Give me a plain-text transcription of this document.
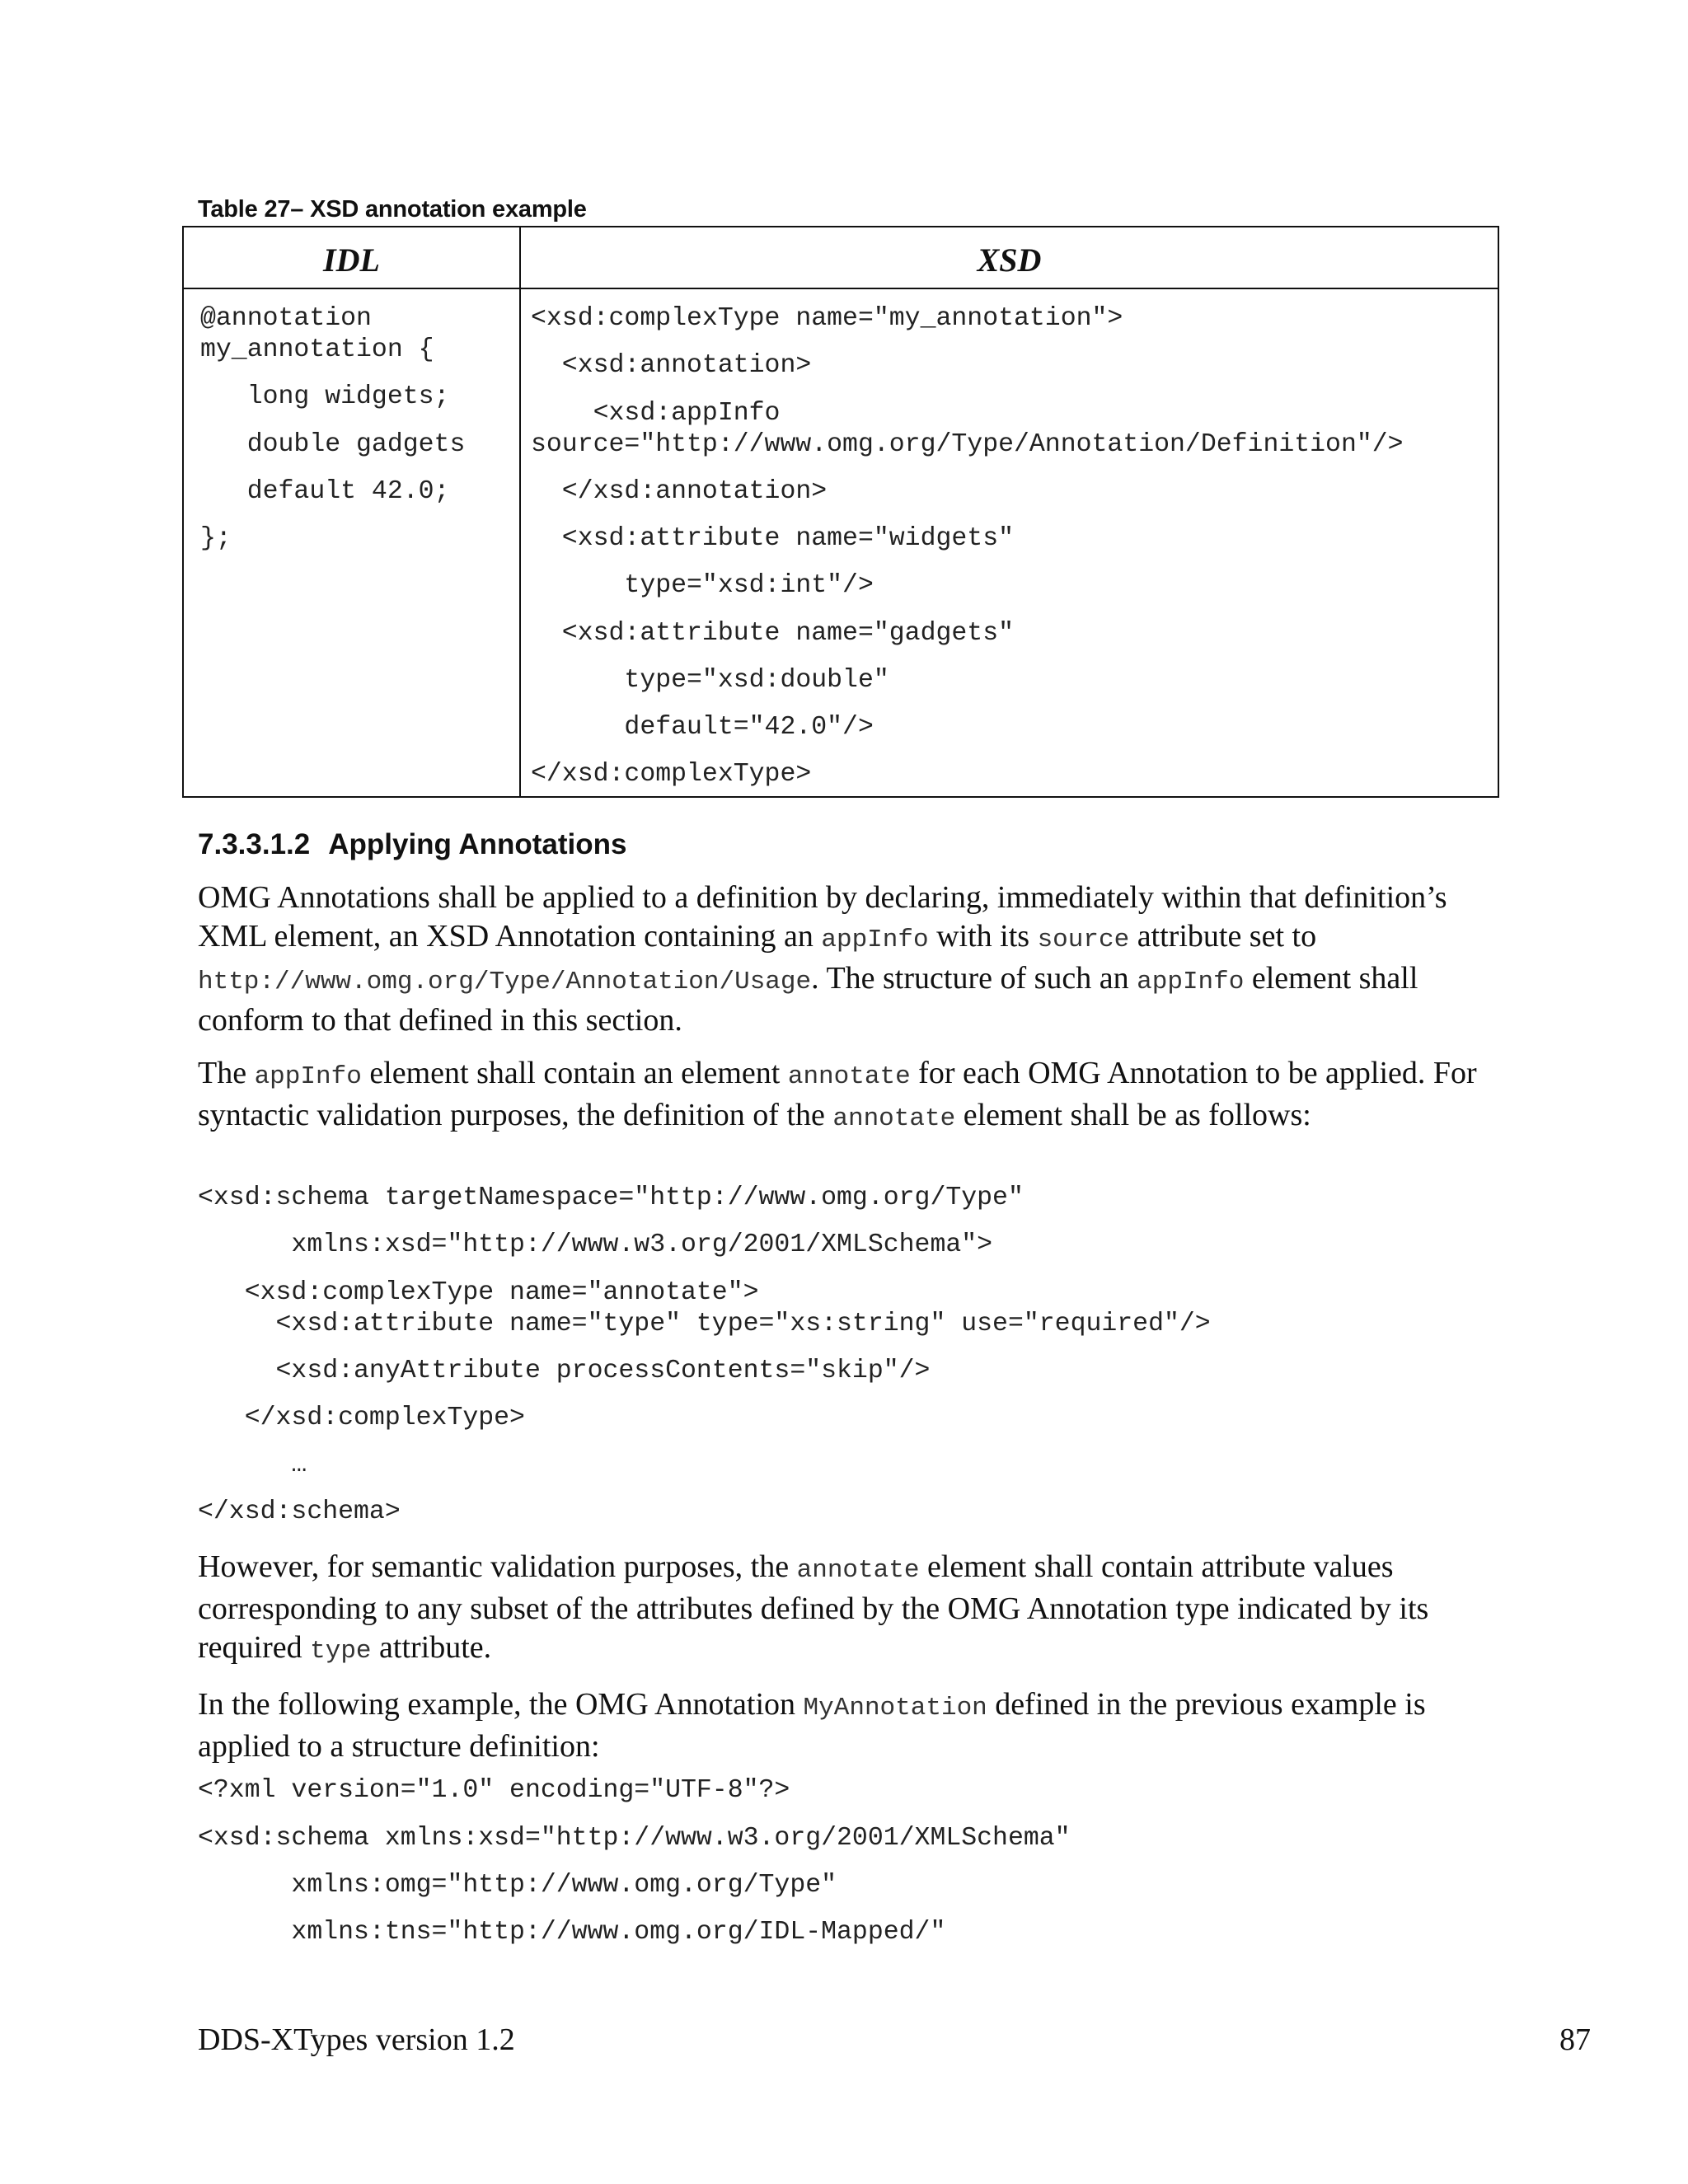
Table 27– XSD annotation example
IDL	XSD
@annotation
my_annotation {
long widgets;
double gadgets
default 42.0;
};
<xsd:complexType name="my_annotation">
<xsd:annotation>
<xsd:appInfo
source="http://www.omg.org/Type/Annotation/Definition"/>
</xsd:annotation>
<xsd:attribute name="widgets"
type="xsd:int"/>
<xsd:attribute name="gadgets"
type="xsd:double"
default="42.0"/>
</xsd:complexType>
7.3.3.1.2 Applying Annotations
OMG Annotations shall be applied to a definition by declaring, immediately within that definition’s XML element, an XSD Annotation containing an appInfo with its source attribute set to http://www.omg.org/Type/Annotation/Usage. The structure of such an appInfo element shall conform to that defined in this section.
The appInfo element shall contain an element annotate for each OMG Annotation to be applied. For syntactic validation purposes, the definition of the annotate element shall be as follows:
<xsd:schema targetNamespace="http://www.omg.org/Type"
xmlns:xsd="http://www.w3.org/2001/XMLSchema">
<xsd:complexType name="annotate">
<xsd:attribute name="type" type="xs:string" use="required"/>
<xsd:anyAttribute processContents="skip"/>
</xsd:complexType>
…
</xsd:schema>
However, for semantic validation purposes, the annotate element shall contain attribute values corresponding to any subset of the attributes defined by the OMG Annotation type indicated by its required type attribute.
In the following example, the OMG Annotation MyAnnotation defined in the previous example is applied to a structure definition:
<?xml version="1.0" encoding="UTF-8"?>
<xsd:schema xmlns:xsd="http://www.w3.org/2001/XMLSchema"
xmlns:omg="http://www.omg.org/Type"
xmlns:tns="http://www.omg.org/IDL-Mapped/"
DDS-XTypes version 1.2	87
